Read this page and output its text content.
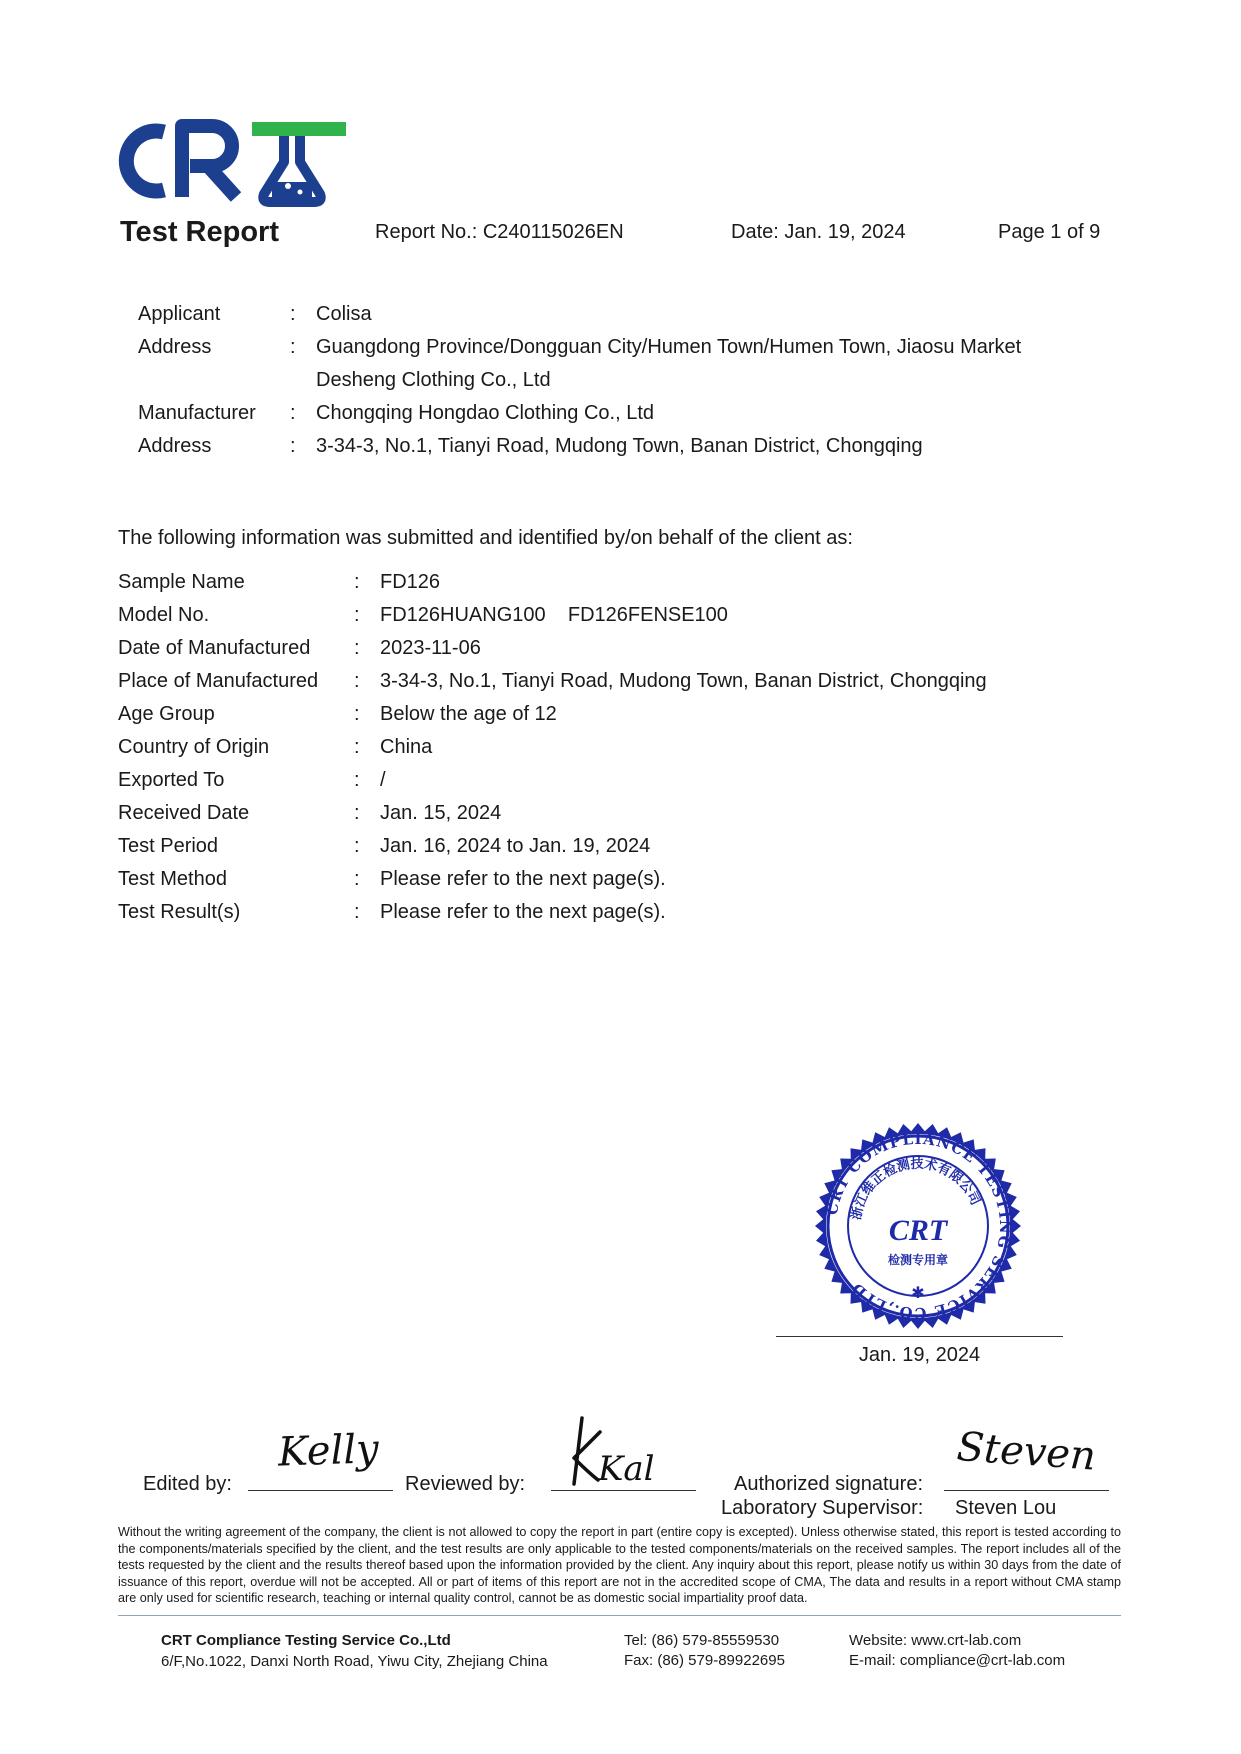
Test Report	Report No.: C240115026EN	Date: Jan. 19, 2024	Page 1 of 9
Applicant	: Colisa
Address	: Guangdong Province/Dongguan City/Humen Town/Humen Town, Jiaosu Market
Desheng Clothing Co., Ltd
Manufacturer : Chongqing Hongdao Clothing Co., Ltd
Address	: 3-34-3, No.1, Tianyi Road, Mudong Town, Banan District, Chongqing
The following information was submitted and identified by/on behalf of the client as:
Sample Name	: FD126
Model No.	: FD126HUANG100    FD126FENSE100
Date of Manufactured : 2023-11-06
Place of Manufactured : 3-34-3, No.1, Tianyi Road, Mudong Town, Banan District, Chongqing
Age Group	: Below the age of 12
Country of Origin	: China
Exported To	: /
Received Date	: Jan. 15, 2024
Test Period	: Jan. 16, 2024 to Jan. 19, 2024
Test Method	: Please refer to the next page(s).
Test Result(s)	: Please refer to the next page(s).
CRT COMPLIANCE TESTING SERVICE CO.,LTD
浙江维正检测技术有限公司
CRT
检测专用章
✱
Jan. 19, 2024
Edited by:
Kelly
Reviewed by: Kal	Authorized signature:
Steven
Laboratory Supervisor: Steven Lou
Without the writing agreement of the company, the client is not allowed to copy the report in part (entire copy is excepted). Unless otherwise stated, this report is tested according to the components/materials specified by the client, and the test results are only applicable to the tested components/materials on the received samples. The report includes all of the tests requested by the client and the results thereof based upon the information provided by the client. Any inquiry about this report, please notify us within 30 days from the date of issuance of this report, overdue will not be accepted. All or part of items of this report are not in the accredited scope of CMA, The data and results in a report without CMA stamp are only used for scientific research, teaching or internal quality control, cannot be as domestic social impartiality proof data.
CRT Compliance Testing Service Co.,Ltd
6/F,No.1022, Danxi North Road, Yiwu City, Zhejiang China
Tel: (86) 579-85559530
Fax: (86) 579-89922695
Website: www.crt-lab.com
E-mail: compliance@crt-lab.com
